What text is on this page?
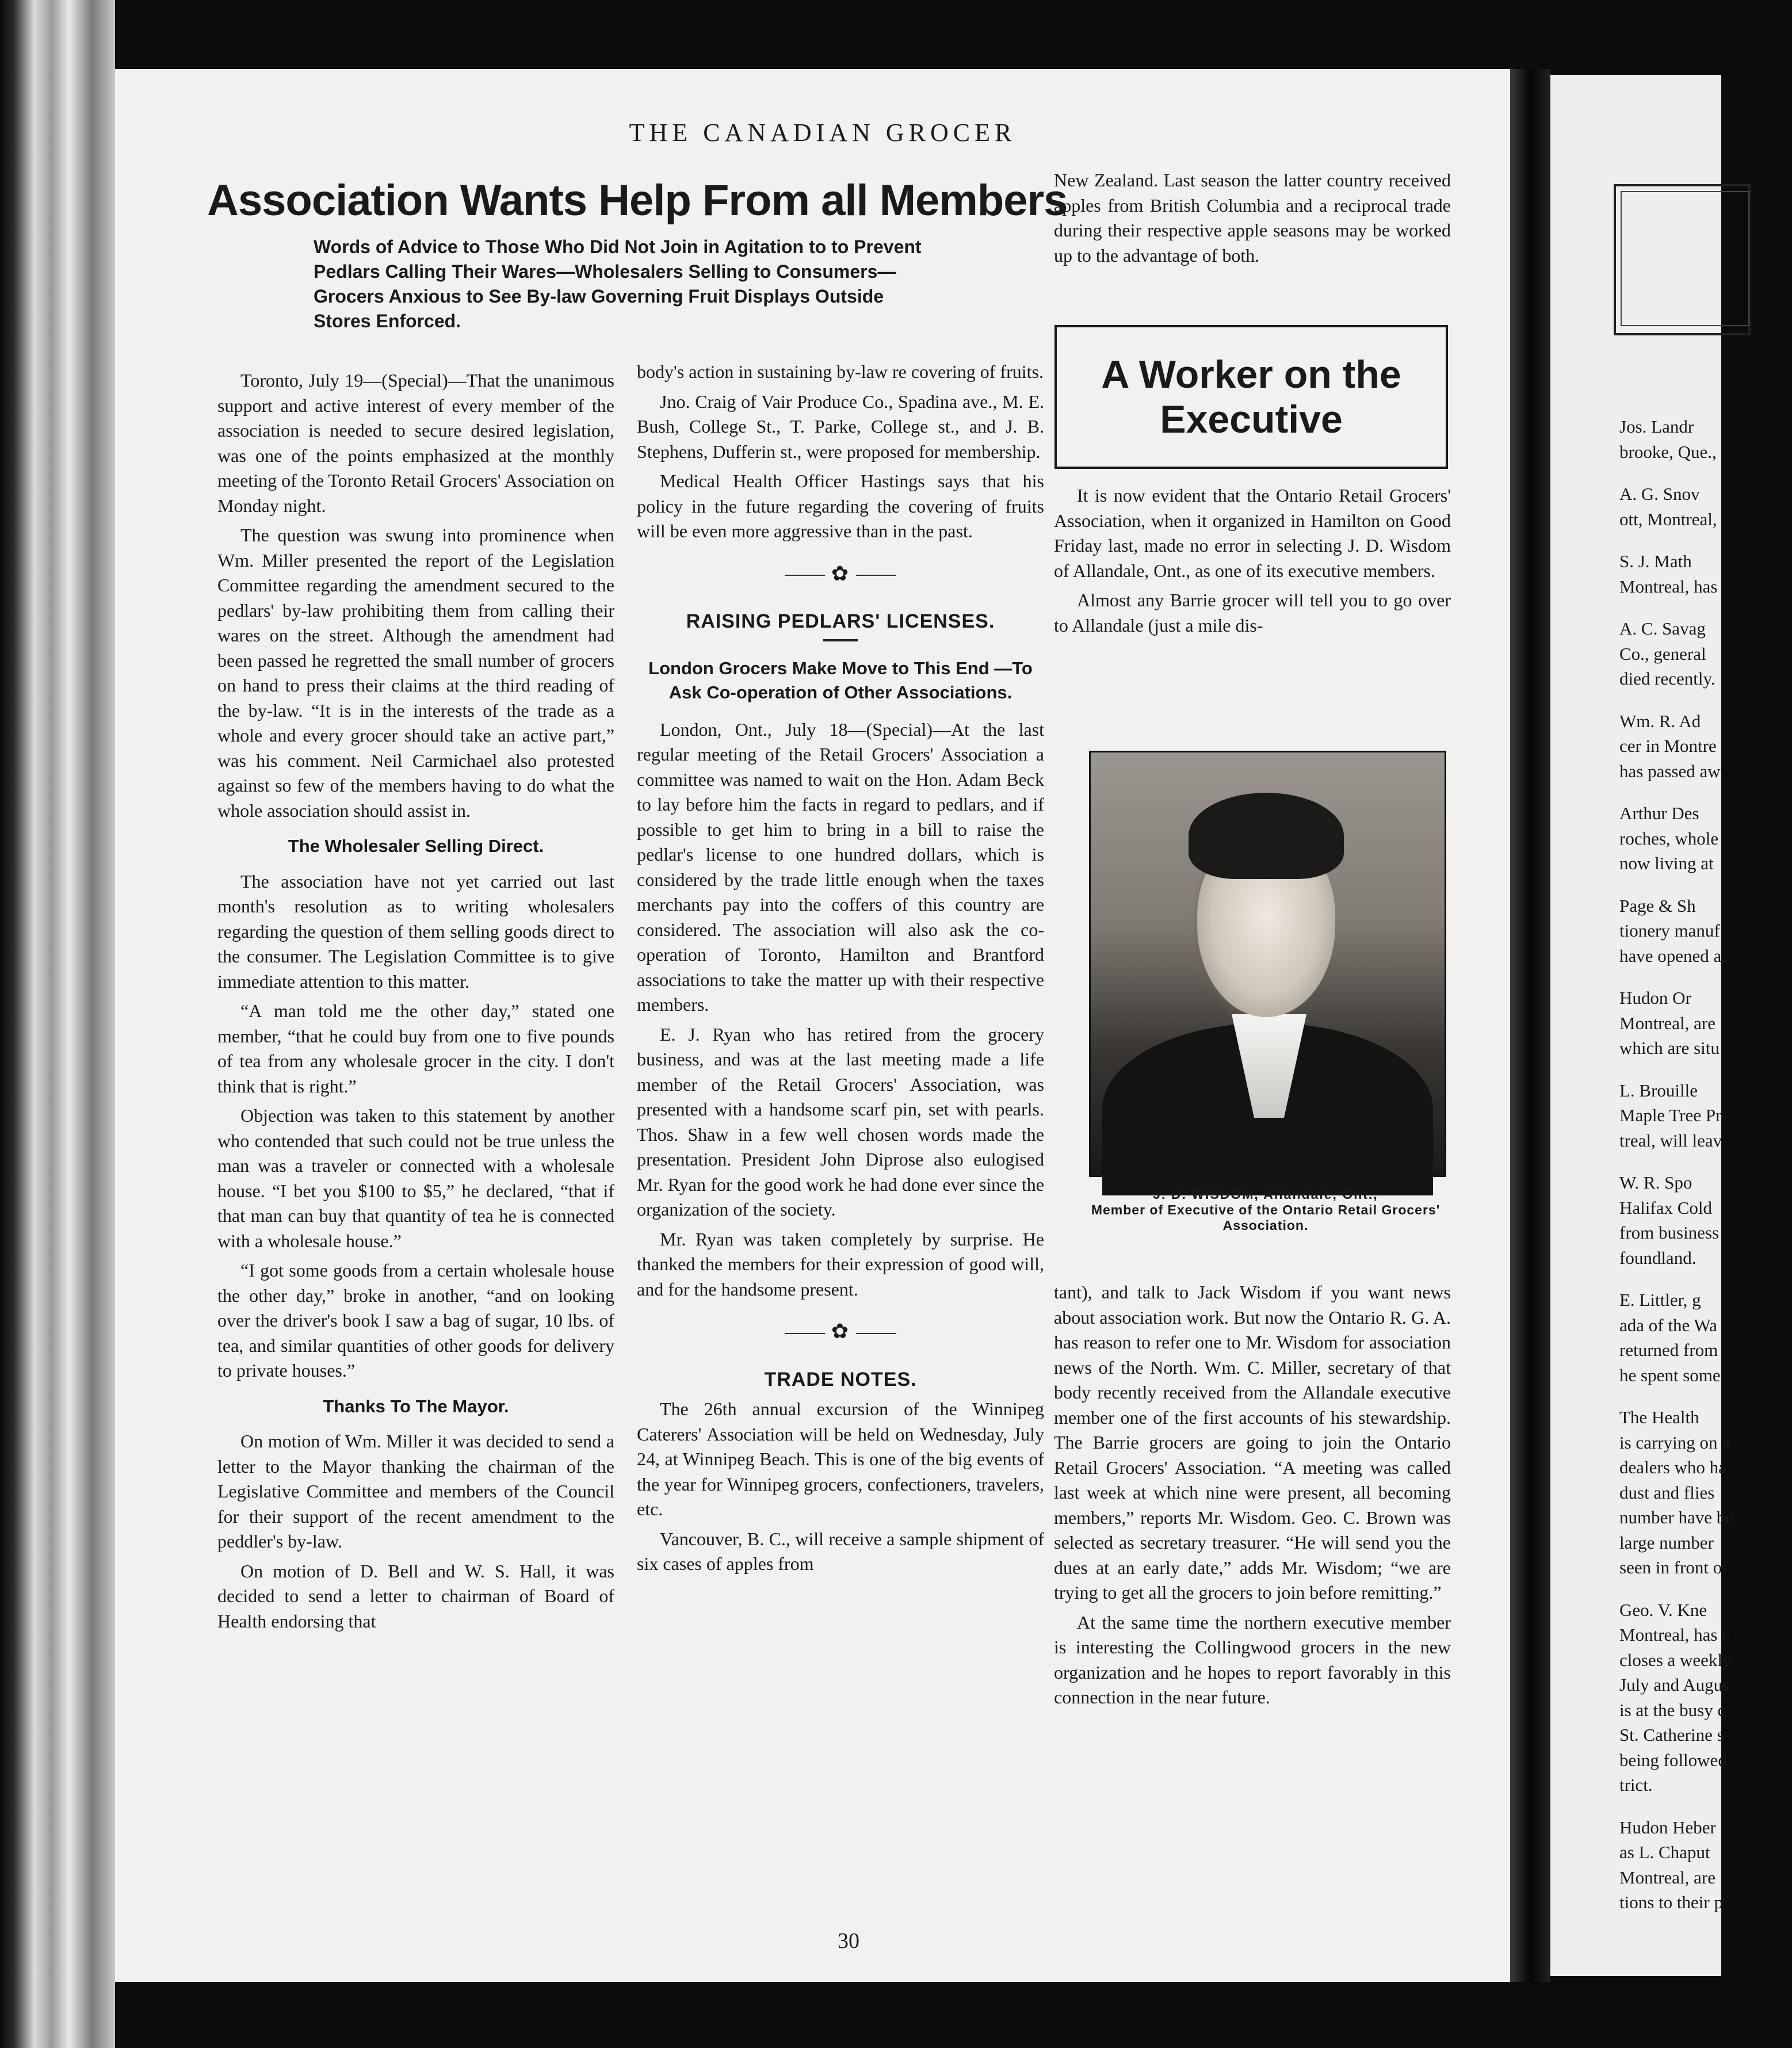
THE CANADIAN GROCER
Association Wants Help From all Members
Words of Advice to Those Who Did Not Join in Agitation to to Prevent Pedlars Calling Their Wares—Wholesalers Selling to Consumers—Grocers Anxious to See By-law Governing Fruit Displays Outside Stores Enforced.

Toronto, July 19—(Special)—That the unanimous support and active interest of every member of the association is needed to secure desired legislation, was one of the points emphasized at the monthly meeting of the Toronto Retail Grocers' Association on Monday night.

The question was swung into prominence when Wm. Miller presented the report of the Legislation Committee regarding the amendment secured to the pedlars' by-law prohibiting them from calling their wares on the street. Although the amendment had been passed he regretted the small number of grocers on hand to press their claims at the third reading of the by-law. “It is in the interests of the trade as a whole and every grocer should take an active part,” was his comment. Neil Carmichael also protested against so few of the members having to do what the whole association should assist in.

The Wholesaler Selling Direct.

The association have not yet carried out last month's resolution as to writing wholesalers regarding the question of them selling goods direct to the consumer. The Legislation Committee is to give immediate attention to this matter.

“A man told me the other day,” stated one member, “that he could buy from one to five pounds of tea from any wholesale grocer in the city. I don't think that is right.”

Objection was taken to this statement by another who contended that such could not be true unless the man was a traveler or connected with a wholesale house. “I bet you $100 to $5,” he declared, “that if that man can buy that quantity of tea he is connected with a wholesale house.”

“I got some goods from a certain wholesale house the other day,” broke in another, “and on looking over the driver's book I saw a bag of sugar, 10 lbs. of tea, and similar quantities of other goods for delivery to private houses.”

Thanks To The Mayor.

On motion of Wm. Miller it was decided to send a letter to the Mayor thanking the chairman of the Legislative Committee and members of the Council for their support of the recent amendment to the peddler's by-law.

On motion of D. Bell and W. S. Hall, it was decided to send a letter to chairman of Board of Health endorsing that

body's action in sustaining by-law re covering of fruits.

Jno. Craig of Vair Produce Co., Spadina ave., M. E. Bush, College St., T. Parke, College st., and J. B. Stephens, Dufferin st., were proposed for membership.

Medical Health Officer Hastings says that his policy in the future regarding the covering of fruits will be even more aggressive than in the past.

✿
RAISING PEDLARS' LICENSES.
London Grocers Make Move to This End —To Ask Co-operation of Other Associations.

London, Ont., July 18—(Special)—At the last regular meeting of the Retail Grocers' Association a committee was named to wait on the Hon. Adam Beck to lay before him the facts in regard to pedlars, and if possible to get him to bring in a bill to raise the pedlar's license to one hundred dollars, which is considered by the trade little enough when the taxes merchants pay into the coffers of this country are considered. The association will also ask the co-operation of Toronto, Hamilton and Brantford associations to take the matter up with their respective members.

E. J. Ryan who has retired from the grocery business, and was at the last meeting made a life member of the Retail Grocers' Association, was presented with a handsome scarf pin, set with pearls. Thos. Shaw in a few well chosen words made the presentation. President John Diprose also eulogised Mr. Ryan for the good work he had done ever since the organization of the society.

Mr. Ryan was taken completely by surprise. He thanked the members for their expression of good will, and for the handsome present.

✿
TRADE NOTES.

The 26th annual excursion of the Winnipeg Caterers' Association will be held on Wednesday, July 24, at Winnipeg Beach. This is one of the big events of the year for Winnipeg grocers, confectioners, travelers, etc.

Vancouver, B. C., will receive a sample shipment of six cases of apples from

New Zealand. Last season the latter country received apples from British Columbia and a reciprocal trade during their respective apple seasons may be worked up to the advantage of both.

A Worker on the Executive

It is now evident that the Ontario Retail Grocers' Association, when it organized in Hamilton on Good Friday last, made no error in selecting J. D. Wisdom of Allandale, Ont., as one of its executive members.

Almost any Barrie grocer will tell you to go over to Allandale (just a mile dis-

J. D. WISDOM, Allandale, Ont.,
Member of Executive of the Ontario Retail Grocers' Association.

tant), and talk to Jack Wisdom if you want news about association work. But now the Ontario R. G. A. has reason to refer one to Mr. Wisdom for association news of the North. Wm. C. Miller, secretary of that body recently received from the Allandale executive member one of the first accounts of his stewardship. The Barrie grocers are going to join the Ontario Retail Grocers' Association. “A meeting was called last week at which nine were present, all becoming members,” reports Mr. Wisdom. Geo. C. Brown was selected as secretary treasurer. “He will send you the dues at an early date,” adds Mr. Wisdom; “we are trying to get all the grocers to join before remitting.”

At the same time the northern executive member is interesting the Collingwood grocers in the new organization and he hopes to report favorably in this connection in the near future.

30
Jos. Landr
brooke, Que.,
A. G. Snov
ott, Montreal,
S. J. Math
Montreal, has
A. C. Savag
Co., general
died recently.
Wm. R. Ad
cer in Montre
has passed aw
Arthur Des
roches, whole
now living at
Page & Sh
tionery manuf
have opened a
Hudon Or
Montreal, are
which are situ
L. Brouille
Maple Tree Pr
treal, will leav
W. R. Spo
Halifax Cold
from business
foundland.
E. Littler, g
ada of the Wa
returned from
he spent some
The Health
is carrying on a
dealers who ha
dust and flies
number have be
large number
seen in front of
Geo. V. Kne
Montreal, has e
closes a weekly
July and Augus
is at the busy c
St. Catherine s
being followed
trict.
Hudon Heber
as L. Chaput
Montreal, are
tions to their p
